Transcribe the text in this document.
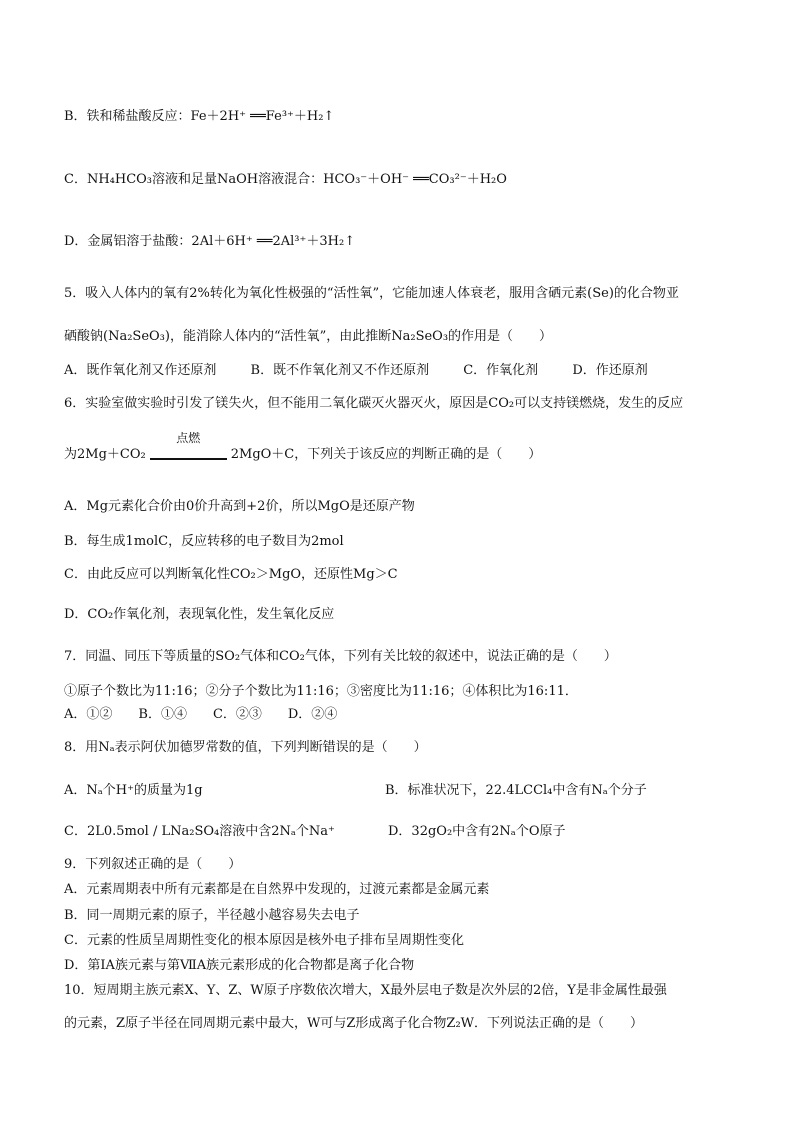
B．铁和稀盐酸反应：Fe＋2H⁺ ══Fe³⁺＋H₂↑
C．NH₄HCO₃溶液和足量NaOH溶液混合：HCO₃⁻＋OH⁻ ══CO₃²⁻＋H₂O
D．金属铝溶于盐酸：2Al＋6H⁺ ══2Al³⁺＋3H₂↑
5．吸入人体内的氧有2%转化为氧化性极强的“活性氧”，它能加速人体衰老，服用含硒元素(Se)的化合物亚
硒酸钠(Na₂SeO₃)，能消除人体内的“活性氧”，由此推断Na₂SeO₃的作用是（　　）
A．既作氧化剂又作还原剂	B．既不作氧化剂又不作还原剂	C．作氧化剂	D．作还原剂
6．实验室做实验时引发了镁失火，但不能用二氧化碳灭火器灭火，原因是CO₂可以支持镁燃烧，发生的反应
为2Mg＋CO₂
点燃
2MgO＋C，下列关于该反应的判断正确的是（　　）
A．Mg元素化合价由0价升高到+2价，所以MgO是还原产物
B．每生成1molC，反应转移的电子数目为2mol
C．由此反应可以判断氧化性CO₂＞MgO，还原性Mg＞C
D．CO₂作氧化剂，表现氧化性，发生氧化反应
7．同温、同压下等质量的SO₂气体和CO₂气体，下列有关比较的叙述中，说法正确的是（　　）
①原子个数比为11:16；②分子个数比为11:16；③密度比为11:16；④体积比为16:11．
A．①②　　B．①④　　C．②③　　D．②④
8．用Nₐ表示阿伏加德罗常数的值，下列判断错误的是（　　）
A．Nₐ个H⁺的质量为1g	B．标准状况下，22.4LCCl₄中含有Nₐ个分子
C．2L0.5mol / LNa₂SO₄溶液中含2Nₐ个Na⁺	D．32gO₂中含有2Nₐ个O原子
9．下列叙述正确的是（　　）
A．元素周期表中所有元素都是在自然界中发现的，过渡元素都是金属元素
B．同一周期元素的原子，半径越小越容易失去电子
C．元素的性质呈周期性变化的根本原因是核外电子排布呈周期性变化
D．第ⅠA族元素与第ⅦA族元素形成的化合物都是离子化合物
10．短周期主族元素X、Y、Z、W原子序数依次增大，X最外层电子数是次外层的2倍，Y是非金属性最强
的元素，Z原子半径在同周期元素中最大，W可与Z形成离子化合物Z₂W．下列说法正确的是（　　）
